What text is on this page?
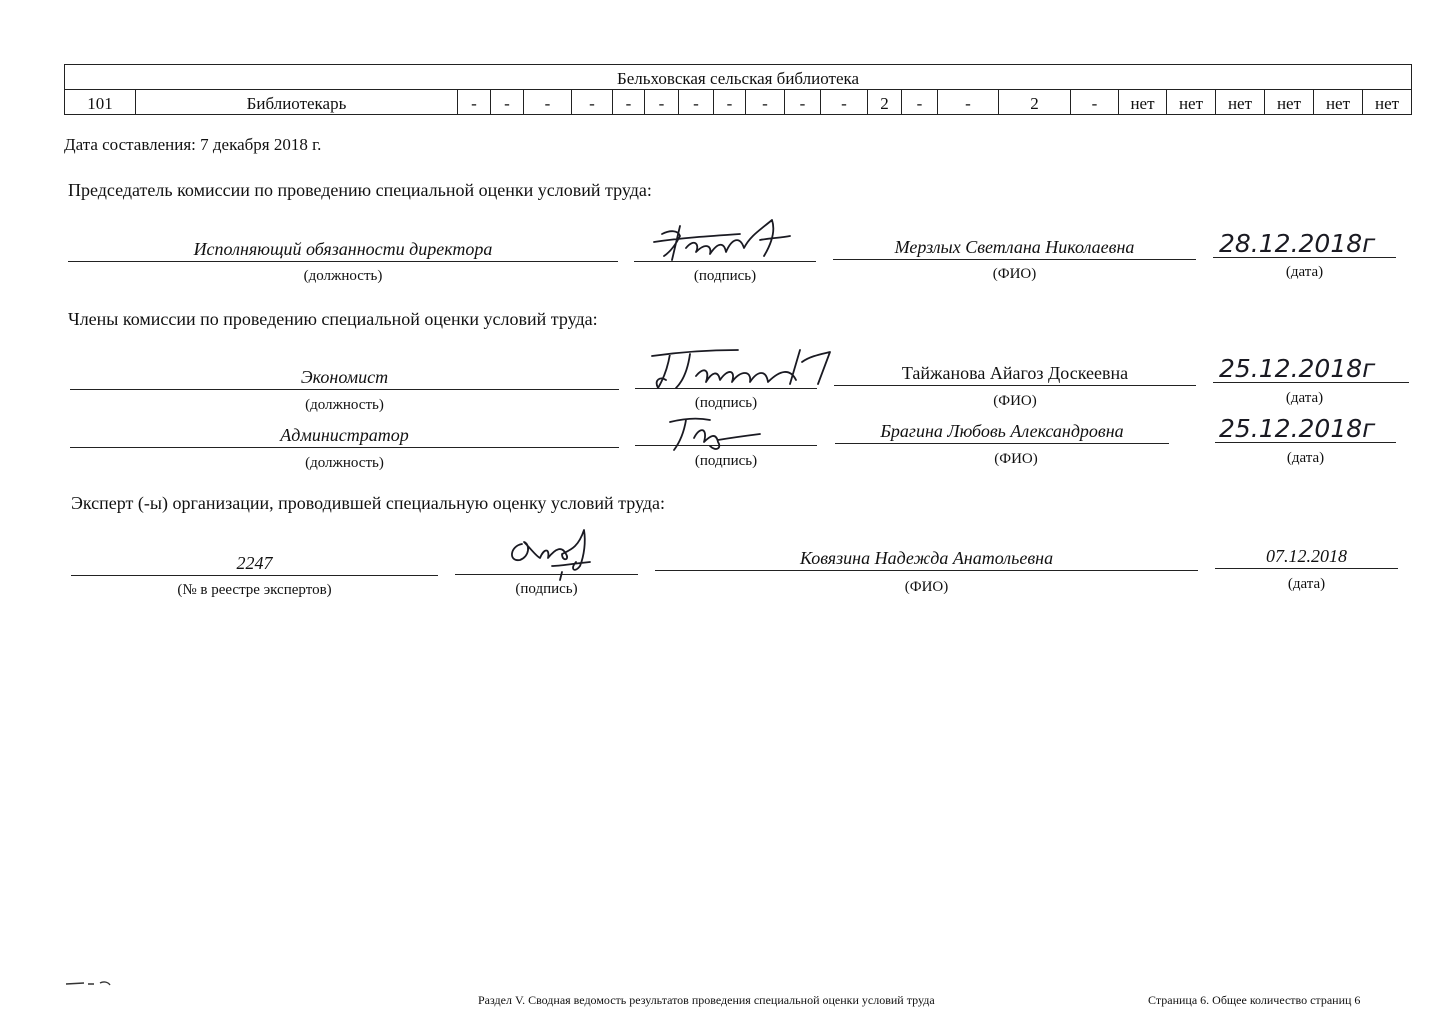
Бельховская сельская библиотека
101	Библиотекарь	-	-	-	-	-	-	-	-	-	-	-	2	-	-	2	-	нет	нет	нет	нет	нет	нет
Дата составления: 7 декабря 2018 г.
Председатель комиссии по проведению специальной оценки условий труда:
Исполняющий обязанности директора
(должность)	(подпись)
Мерзлых Светлана Николаевна
(ФИО)
28.12.2018г
(дата)
Члены комиссии по проведению специальной оценки условий труда:
Экономист
(должность)	(подпись)
Тайжанова Айагоз Доскеевна
(ФИО)
25.12.2018г
(дата)
Администратор
(должность)	(подпись)
Брагина Любовь Александровна
(ФИО)
25.12.2018г
(дата)
Эксперт (-ы) организации, проводившей специальную оценку условий труда:
2247
(№ в реестре экспертов)	(подпись)
Ковязина Надежда Анатольевна
(ФИО)
07.12.2018
(дата)
Раздел V. Сводная ведомость результатов проведения специальной оценки условий труда	Страница 6. Общее количество страниц 6
